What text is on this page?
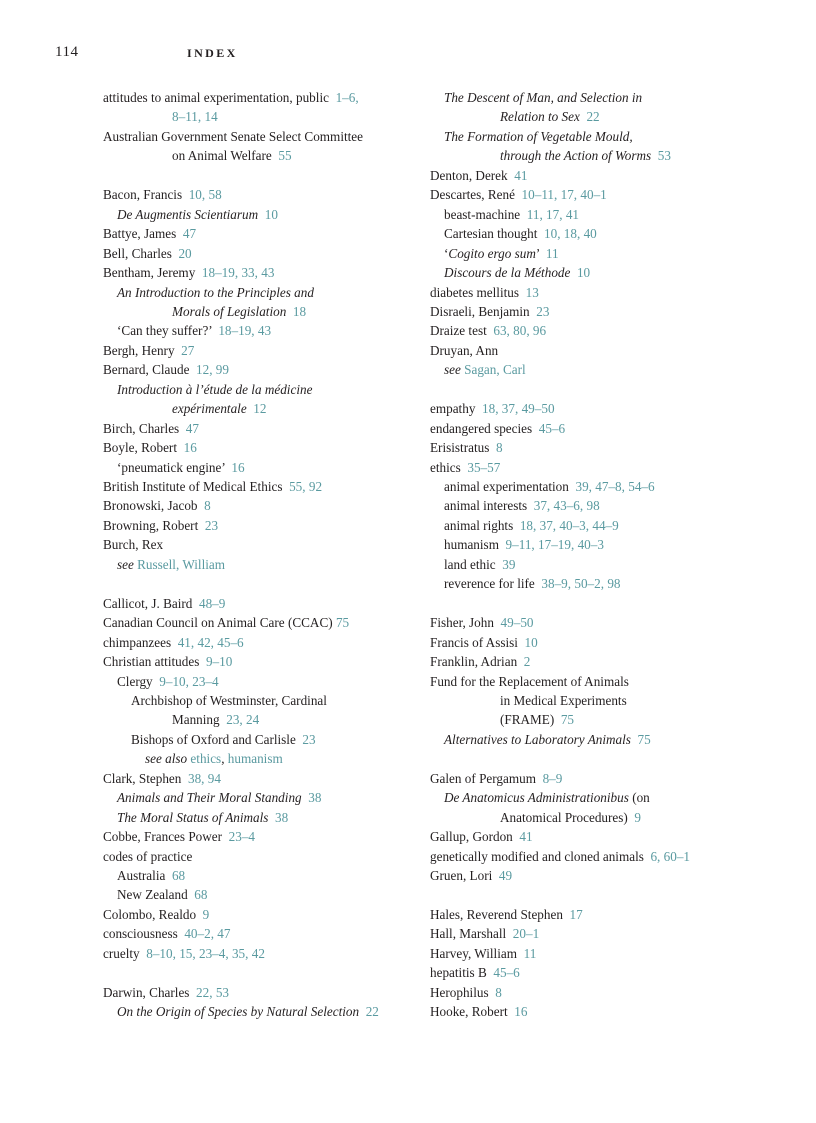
114	INDEX
attitudes to animal experimentation, public  1–6,
8–11, 14
Australian Government Senate Select Committee
on Animal Welfare  55
Bacon, Francis  10, 58
De Augmentis Scientiarum  10
Battye, James  47
Bell, Charles  20
Bentham, Jeremy  18–19, 33, 43
An Introduction to the Principles and
Morals of Legislation  18
‘Can they suffer?’  18–19, 43
Bergh, Henry  27
Bernard, Claude  12, 99
Introduction à l’étude de la médicine
expérimentale  12
Birch, Charles  47
Boyle, Robert  16
‘pneumatick engine’  16
British Institute of Medical Ethics  55, 92
Bronowski, Jacob  8
Browning, Robert  23
Burch, Rex
see Russell, William
Callicot, J. Baird  48–9
Canadian Council on Animal Care (CCAC) 75
chimpanzees  41, 42, 45–6
Christian attitudes  9–10
Clergy  9–10, 23–4
Archbishop of Westminster, Cardinal
Manning  23, 24
Bishops of Oxford and Carlisle  23
see also ethics, humanism
Clark, Stephen  38, 94
Animals and Their Moral Standing  38
The Moral Status of Animals  38
Cobbe, Frances Power  23–4
codes of practice
Australia  68
New Zealand  68
Colombo, Realdo  9
consciousness  40–2, 47
cruelty  8–10, 15, 23–4, 35, 42
Darwin, Charles  22, 53
On the Origin of Species by Natural Selection  22
The Descent of Man, and Selection in
Relation to Sex  22
The Formation of Vegetable Mould,
through the Action of Worms  53
Denton, Derek  41
Descartes, René  10–11, 17, 40–1
beast-machine  11, 17, 41
Cartesian thought  10, 18, 40
‘Cogito ergo sum’  11
Discours de la Méthode  10
diabetes mellitus  13
Disraeli, Benjamin  23
Draize test  63, 80, 96
Druyan, Ann
see Sagan, Carl
empathy  18, 37, 49–50
endangered species  45–6
Erisistratus  8
ethics  35–57
animal experimentation  39, 47–8, 54–6
animal interests  37, 43–6, 98
animal rights  18, 37, 40–3, 44–9
humanism  9–11, 17–19, 40–3
land ethic  39
reverence for life  38–9, 50–2, 98
Fisher, John  49–50
Francis of Assisi  10
Franklin, Adrian  2
Fund for the Replacement of Animals
in Medical Experiments
(FRAME)  75
Alternatives to Laboratory Animals  75
Galen of Pergamum  8–9
De Anatomicus Administrationibus (on
Anatomical Procedures)  9
Gallup, Gordon  41
genetically modified and cloned animals  6, 60–1
Gruen, Lori  49
Hales, Reverend Stephen  17
Hall, Marshall  20–1
Harvey, William  11
hepatitis B  45–6
Herophilus  8
Hooke, Robert  16
